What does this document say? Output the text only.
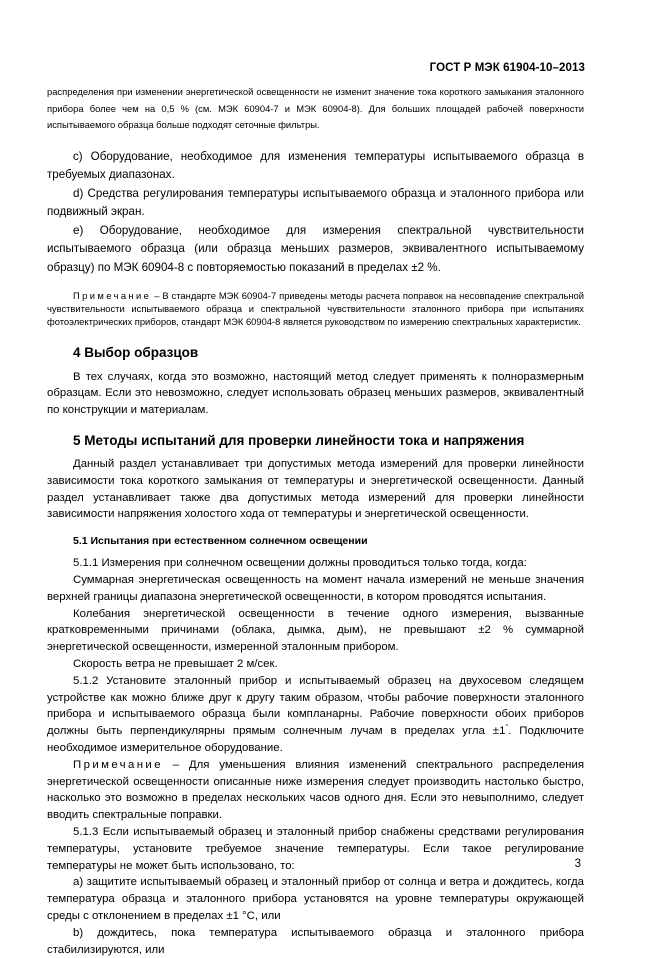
ГОСТ Р МЭК 61904-10–2013

распределения при изменении энергетической освещенности не изменит значение тока короткого замыкания эталонного прибора более чем на 0,5 % (см. МЭК 60904-7 и МЭК 60904-8). Для больших площадей рабочей поверхности испытываемого образца больше подходят сеточные фильтры.

c) Оборудование, необходимое для изменения температуры испытываемого образца в требуемых диапазонах.

d) Средства регулирования температуры испытываемого образца и эталонного прибора или подвижный экран.

e) Оборудование, необходимое для измерения спектральной чувствительности испытываемого образца (или образца меньших размеров, эквивалентного испытываемому образцу) по МЭК 60904-8 с повторяемостью показаний в пределах ±2 %.

Примечание – В стандарте МЭК 60904-7 приведены методы расчета поправок на несовпадение спектральной чувствительности испытываемого образца и спектральной чувствительности эталонного прибора при испытаниях фотоэлектрических приборов, стандарт МЭК 60904-8 является руководством по измерению спектральных характеристик.

4 Выбор образцов

В тех случаях, когда это возможно, настоящий метод следует применять к полноразмерным образцам. Если это невозможно, следует использовать образец меньших размеров, эквивалентный по конструкции и материалам.

5 Методы испытаний для проверки линейности тока и напряжения

Данный раздел устанавливает три допустимых метода измерений для проверки линейности зависимости тока короткого замыкания от температуры и энергетической освещенности. Данный раздел устанавливает также два допустимых метода измерений для проверки линейности зависимости напряжения холостого хода от температуры и энергетической освещенности.

5.1 Испытания при естественном солнечном освещении

5.1.1 Измерения при солнечном освещении должны проводиться только тогда, когда:

Суммарная энергетическая освещенность на момент начала измерений не меньше значения верхней границы диапазона энергетической освещенности, в котором проводятся испытания.

Колебания энергетической освещенности в течение одного измерения, вызванные кратковременными причинами (облака, дымка, дым), не превышают ±2 % суммарной энергетической освещенности, измеренной эталонным прибором.

Скорость ветра не превышает 2 м/сек.

5.1.2 Установите эталонный прибор и испытываемый образец на двухосевом следящем устройстве как можно ближе друг к другу таким образом, чтобы рабочие поверхности эталонного прибора и испытываемого образца были компланарны. Рабочие поверхности обоих приборов должны быть перпендикулярны прямым солнечным лучам в пределах угла ±1°. Подключите необходимое измерительное оборудование.

Примечание – Для уменьшения влияния изменений спектрального распределения энергетической освещенности описанные ниже измерения следует производить настолько быстро, насколько это возможно в пределах нескольких часов одного дня. Если это невыполнимо, следует вводить спектральные поправки.

5.1.3 Если испытываемый образец и эталонный прибор снабжены средствами регулирования температуры, установите требуемое значение температуры. Если такое регулирование температуры не может быть использовано, то:

a) защитите испытываемый образец и эталонный прибор от солнца и ветра и дождитесь, когда температура образца и эталонного прибора установятся на уровне температуры окружающей среды с отклонением в пределах ±1 °С, или

b) дождитесь, пока температура испытываемого образца и эталонного прибора стабилизируются, или

3
